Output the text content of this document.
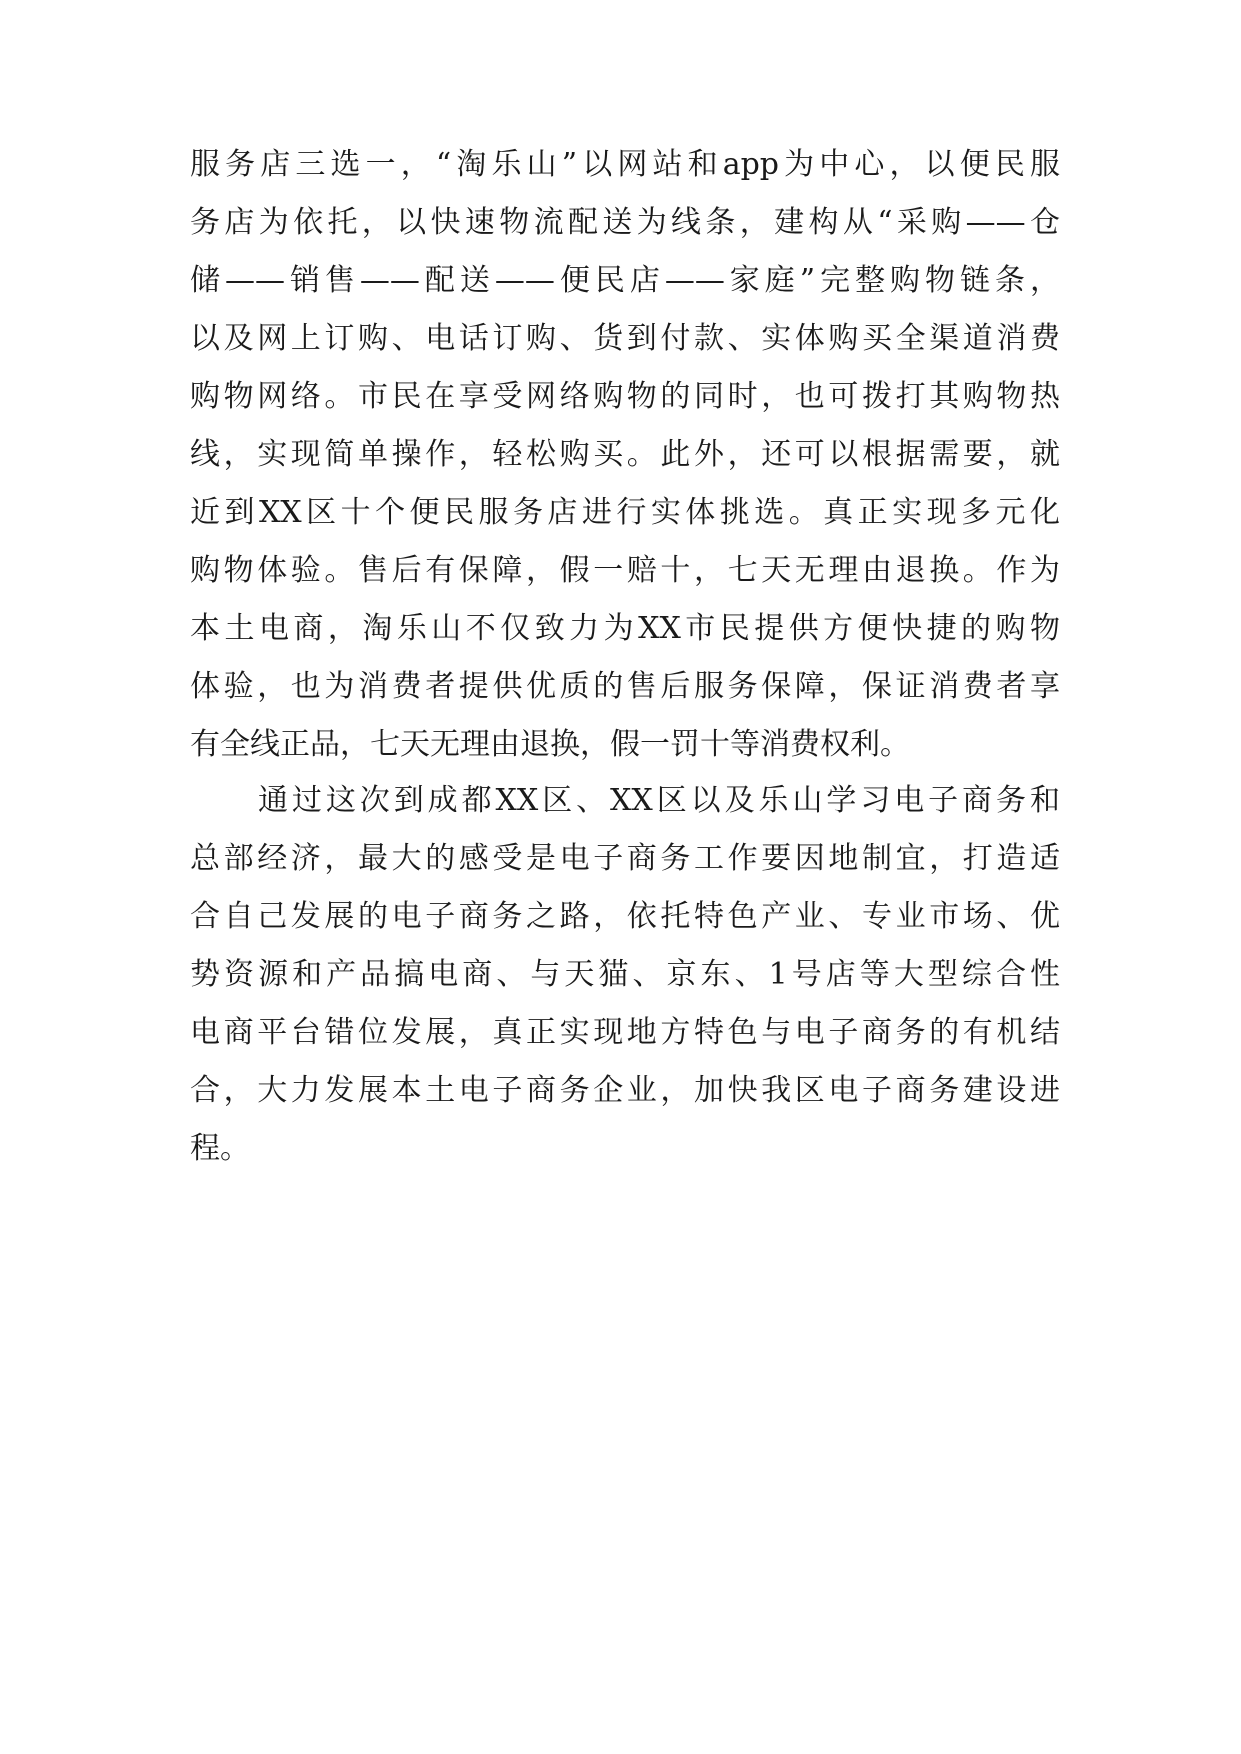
服务店三选一，“淘乐山”以网站和app为中心，以便民服
务店为依托，以快速物流配送为线条，建构从“采购——仓
储——销售——配送——便民店——家庭”完整购物链条，
以及网上订购、电话订购、货到付款、实体购买全渠道消费
购物网络。市民在享受网络购物的同时，也可拨打其购物热
线，实现简单操作，轻松购买。此外，还可以根据需要，就
近到XX区十个便民服务店进行实体挑选。真正实现多元化
购物体验。售后有保障，假一赔十，七天无理由退换。作为
本土电商，淘乐山不仅致力为XX市民提供方便快捷的购物
体验，也为消费者提供优质的售后服务保障，保证消费者享
有全线正品，七天无理由退换，假一罚十等消费权利。
通过这次到成都XX区、XX区以及乐山学习电子商务和
总部经济，最大的感受是电子商务工作要因地制宜，打造适
合自己发展的电子商务之路，依托特色产业、专业市场、优
势资源和产品搞电商、与天猫、京东、1号店等大型综合性
电商平台错位发展，真正实现地方特色与电子商务的有机结
合，大力发展本土电子商务企业，加快我区电子商务建设进
程。
